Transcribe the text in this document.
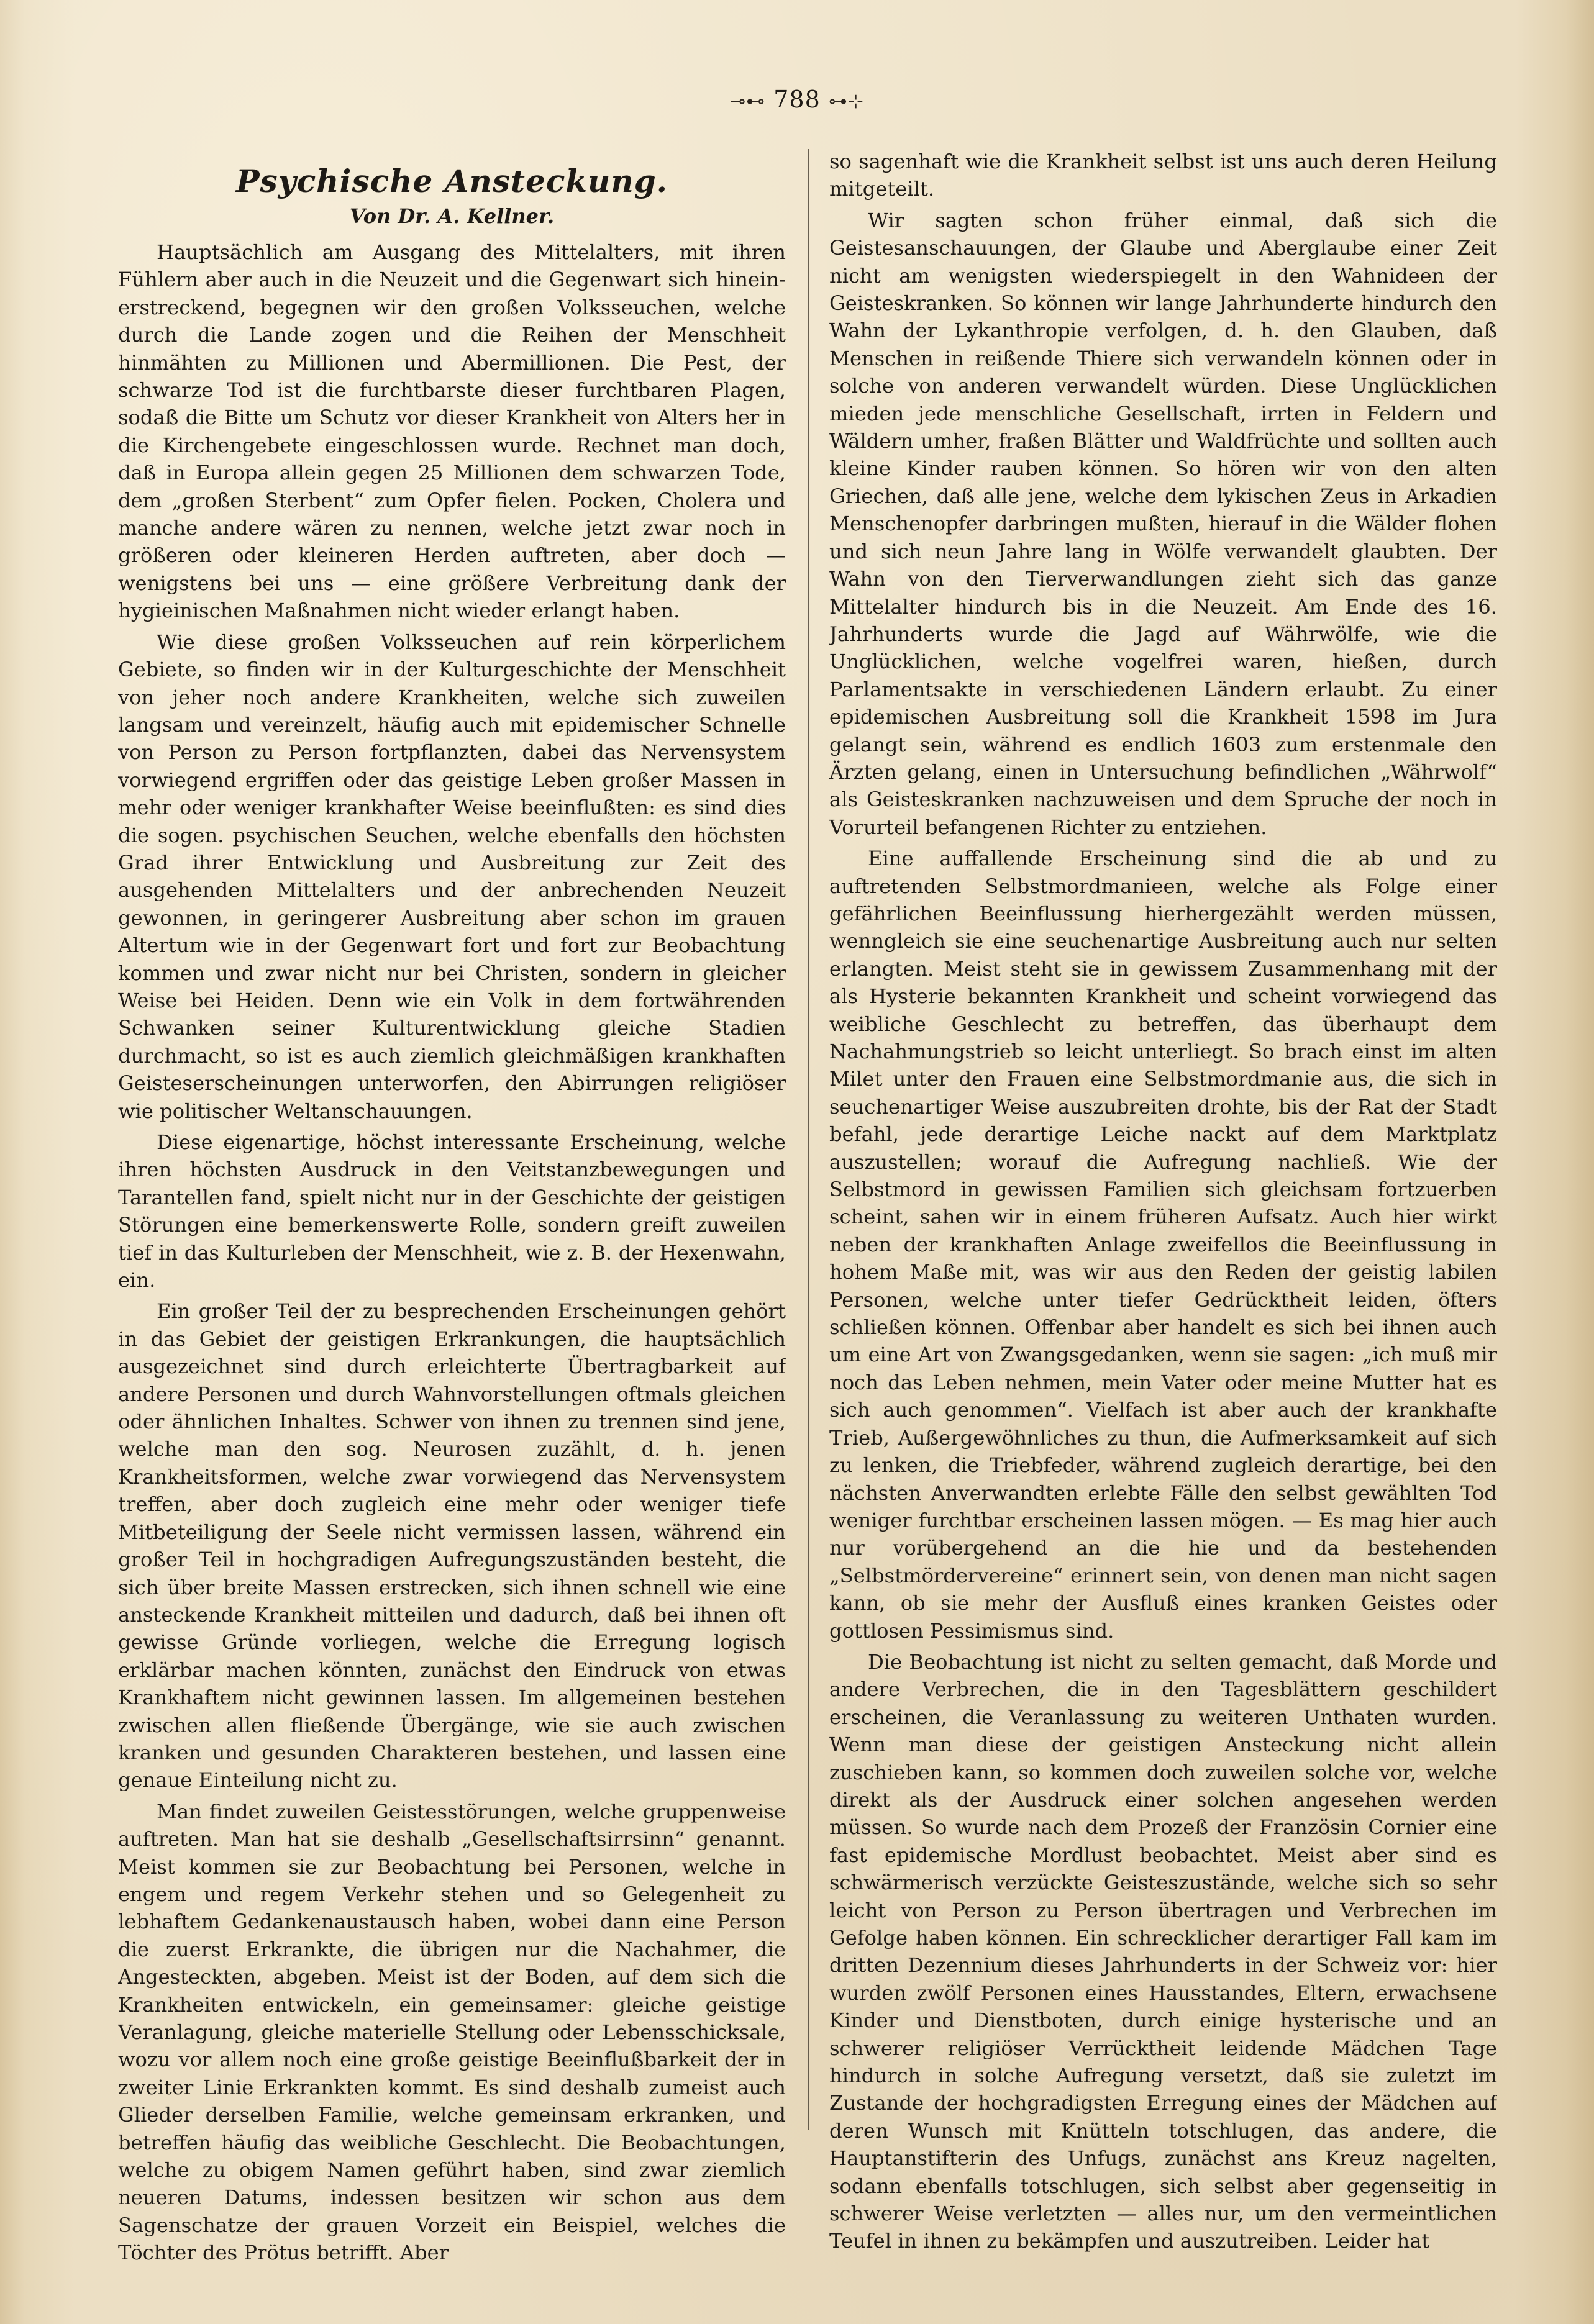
⊸⊷ 788 ⊶⊹
Psychische Ansteckung.
Von Dr. A. Kellner.

Hauptsächlich am Ausgang des Mittelalters, mit ihren Fühlern aber auch in die Neuzeit und die Gegenwart sich hinein-erstreckend, begegnen wir den großen Volksseuchen, welche durch die Lande zogen und die Reihen der Menschheit hinmähten zu Millionen und Abermillionen. Die Pest, der schwarze Tod ist die furchtbarste dieser furchtbaren Plagen, sodaß die Bitte um Schutz vor dieser Krankheit von Alters her in die Kirchengebete eingeschlossen wurde. Rechnet man doch, daß in Europa allein gegen 25 Millionen dem schwarzen Tode, dem „großen Sterbent“ zum Opfer fielen. Pocken, Cholera und manche andere wären zu nennen, welche jetzt zwar noch in größeren oder kleineren Herden auftreten, aber doch — wenigstens bei uns — eine größere Verbreitung dank der hygieinischen Maßnahmen nicht wieder erlangt haben.

Wie diese großen Volksseuchen auf rein körperlichem Gebiete, so finden wir in der Kulturgeschichte der Menschheit von jeher noch andere Krankheiten, welche sich zuweilen langsam und vereinzelt, häufig auch mit epidemischer Schnelle von Person zu Person fortpflanzten, dabei das Nervensystem vorwiegend ergriffen oder das geistige Leben großer Massen in mehr oder weniger krankhafter Weise beeinflußten: es sind dies die sogen. psychischen Seuchen, welche ebenfalls den höchsten Grad ihrer Entwicklung und Ausbreitung zur Zeit des ausgehenden Mittelalters und der anbrechenden Neuzeit gewonnen, in geringerer Ausbreitung aber schon im grauen Altertum wie in der Gegenwart fort und fort zur Beobachtung kommen und zwar nicht nur bei Christen, sondern in gleicher Weise bei Heiden. Denn wie ein Volk in dem fortwährenden Schwanken seiner Kulturentwicklung gleiche Stadien durchmacht, so ist es auch ziemlich gleichmäßigen krankhaften Geisteserscheinungen unterworfen, den Abirrungen religiöser wie politischer Weltanschauungen.

Diese eigenartige, höchst interessante Erscheinung, welche ihren höchsten Ausdruck in den Veitstanzbewegungen und Tarantellen fand, spielt nicht nur in der Geschichte der geistigen Störungen eine bemerkenswerte Rolle, sondern greift zuweilen tief in das Kulturleben der Menschheit, wie z. B. der Hexenwahn, ein.

Ein großer Teil der zu besprechenden Erscheinungen gehört in das Gebiet der geistigen Erkrankungen, die hauptsächlich ausgezeichnet sind durch erleichterte Übertragbarkeit auf andere Personen und durch Wahnvorstellungen oftmals gleichen oder ähnlichen Inhaltes. Schwer von ihnen zu trennen sind jene, welche man den sog. Neurosen zuzählt, d. h. jenen Krankheitsformen, welche zwar vorwiegend das Nervensystem treffen, aber doch zugleich eine mehr oder weniger tiefe Mitbeteiligung der Seele nicht vermissen lassen, während ein großer Teil in hochgradigen Aufregungszuständen besteht, die sich über breite Massen erstrecken, sich ihnen schnell wie eine ansteckende Krankheit mitteilen und dadurch, daß bei ihnen oft gewisse Gründe vorliegen, welche die Erregung logisch erklärbar machen könnten, zunächst den Eindruck von etwas Krankhaftem nicht gewinnen lassen. Im allgemeinen bestehen zwischen allen fließende Übergänge, wie sie auch zwischen kranken und gesunden Charakteren bestehen, und lassen eine genaue Einteilung nicht zu.

Man findet zuweilen Geistesstörungen, welche gruppenweise auftreten. Man hat sie deshalb „Gesellschaftsirrsinn“ genannt. Meist kommen sie zur Beobachtung bei Personen, welche in engem und regem Verkehr stehen und so Gelegenheit zu lebhaftem Gedankenaustausch haben, wobei dann eine Person die zuerst Erkrankte, die übrigen nur die Nachahmer, die Angesteckten, abgeben. Meist ist der Boden, auf dem sich die Krankheiten entwickeln, ein gemeinsamer: gleiche geistige Veranlagung, gleiche materielle Stellung oder Lebensschicksale, wozu vor allem noch eine große geistige Beeinflußbarkeit der in zweiter Linie Erkrankten kommt. Es sind deshalb zumeist auch Glieder derselben Familie, welche gemeinsam erkranken, und betreffen häufig das weibliche Geschlecht. Die Beobachtungen, welche zu obigem Namen geführt haben, sind zwar ziemlich neueren Datums, indessen besitzen wir schon aus dem Sagenschatze der grauen Vorzeit ein Beispiel, welches die Töchter des Prötus betrifft. Aber

so sagenhaft wie die Krankheit selbst ist uns auch deren Heilung mitgeteilt.

Wir sagten schon früher einmal, daß sich die Geistesanschauungen, der Glaube und Aberglaube einer Zeit nicht am wenigsten wiederspiegelt in den Wahnideen der Geisteskranken. So können wir lange Jahrhunderte hindurch den Wahn der Lykanthropie verfolgen, d. h. den Glauben, daß Menschen in reißende Thiere sich verwandeln können oder in solche von anderen verwandelt würden. Diese Unglücklichen mieden jede menschliche Gesellschaft, irrten in Feldern und Wäldern umher, fraßen Blätter und Waldfrüchte und sollten auch kleine Kinder rauben können. So hören wir von den alten Griechen, daß alle jene, welche dem lykischen Zeus in Arkadien Menschenopfer darbringen mußten, hierauf in die Wälder flohen und sich neun Jahre lang in Wölfe verwandelt glaubten. Der Wahn von den Tierverwandlungen zieht sich das ganze Mittelalter hindurch bis in die Neuzeit. Am Ende des 16. Jahrhunderts wurde die Jagd auf Währwölfe, wie die Unglücklichen, welche vogelfrei waren, hießen, durch Parlamentsakte in verschiedenen Ländern erlaubt. Zu einer epidemischen Ausbreitung soll die Krankheit 1598 im Jura gelangt sein, während es endlich 1603 zum erstenmale den Ärzten gelang, einen in Untersuchung befindlichen „Währwolf“ als Geisteskranken nachzuweisen und dem Spruche der noch in Vorurteil befangenen Richter zu entziehen.

Eine auffallende Erscheinung sind die ab und zu auftretenden Selbstmordmanieen, welche als Folge einer gefährlichen Beeinflussung hierhergezählt werden müssen, wenngleich sie eine seuchenartige Ausbreitung auch nur selten erlangten. Meist steht sie in gewissem Zusammenhang mit der als Hysterie bekannten Krankheit und scheint vorwiegend das weibliche Geschlecht zu betreffen, das überhaupt dem Nachahmungstrieb so leicht unterliegt. So brach einst im alten Milet unter den Frauen eine Selbstmordmanie aus, die sich in seuchenartiger Weise auszubreiten drohte, bis der Rat der Stadt befahl, jede derartige Leiche nackt auf dem Marktplatz auszustellen; worauf die Aufregung nachließ. Wie der Selbstmord in gewissen Familien sich gleichsam fortzuerben scheint, sahen wir in einem früheren Aufsatz. Auch hier wirkt neben der krankhaften Anlage zweifellos die Beeinflussung in hohem Maße mit, was wir aus den Reden der geistig labilen Personen, welche unter tiefer Gedrücktheit leiden, öfters schließen können. Offenbar aber handelt es sich bei ihnen auch um eine Art von Zwangsgedanken, wenn sie sagen: „ich muß mir noch das Leben nehmen, mein Vater oder meine Mutter hat es sich auch genommen“. Vielfach ist aber auch der krankhafte Trieb, Außergewöhnliches zu thun, die Aufmerksamkeit auf sich zu lenken, die Triebfeder, während zugleich derartige, bei den nächsten Anverwandten erlebte Fälle den selbst gewählten Tod weniger furchtbar erscheinen lassen mögen. — Es mag hier auch nur vorübergehend an die hie und da bestehenden „Selbstmördervereine“ erinnert sein, von denen man nicht sagen kann, ob sie mehr der Ausfluß eines kranken Geistes oder gottlosen Pessimismus sind.

Die Beobachtung ist nicht zu selten gemacht, daß Morde und andere Verbrechen, die in den Tagesblättern geschildert erscheinen, die Veranlassung zu weiteren Unthaten wurden. Wenn man diese der geistigen Ansteckung nicht allein zuschieben kann, so kommen doch zuweilen solche vor, welche direkt als der Ausdruck einer solchen angesehen werden müssen. So wurde nach dem Prozeß der Französin Cornier eine fast epidemische Mordlust beobachtet. Meist aber sind es schwärmerisch verzückte Geisteszustände, welche sich so sehr leicht von Person zu Person übertragen und Verbrechen im Gefolge haben können. Ein schrecklicher derartiger Fall kam im dritten Dezennium dieses Jahrhunderts in der Schweiz vor: hier wurden zwölf Personen eines Hausstandes, Eltern, erwachsene Kinder und Dienstboten, durch einige hysterische und an schwerer religiöser Verrücktheit leidende Mädchen Tage hindurch in solche Aufregung versetzt, daß sie zuletzt im Zustande der hochgradigsten Erregung eines der Mädchen auf deren Wunsch mit Knütteln totschlugen, das andere, die Hauptanstifterin des Unfugs, zunächst ans Kreuz nagelten, sodann ebenfalls totschlugen, sich selbst aber gegenseitig in schwerer Weise verletzten — alles nur, um den vermeintlichen Teufel in ihnen zu bekämpfen und auszutreiben. Leider hat
